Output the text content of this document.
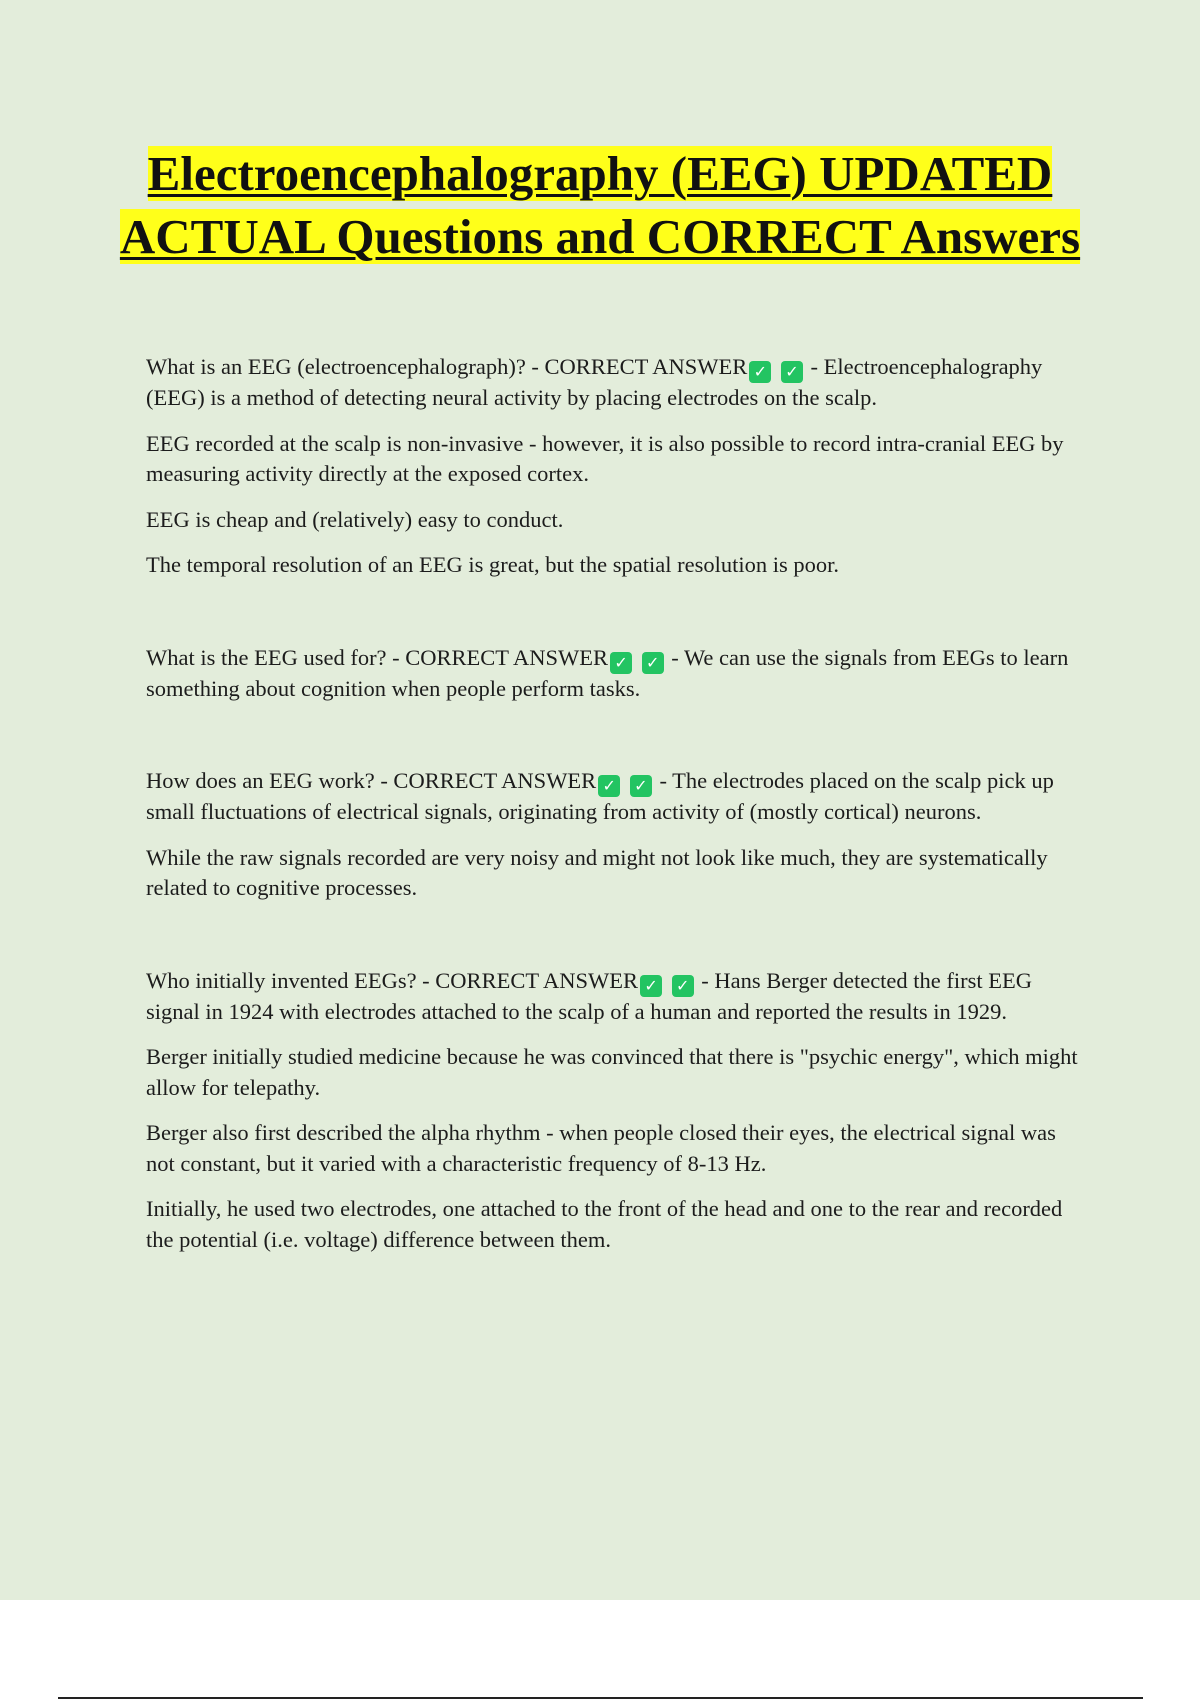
Electroencephalography (EEG) UPDATED ACTUAL Questions and CORRECT Answers

What is an EEG (electroencephalograph)? - CORRECT ANSWER ✓ ✓ - Electroencephalography (EEG) is a method of detecting neural activity by placing electrodes on the scalp.

EEG recorded at the scalp is non-invasive - however, it is also possible to record intra-cranial EEG by measuring activity directly at the exposed cortex.

EEG is cheap and (relatively) easy to conduct.

The temporal resolution of an EEG is great, but the spatial resolution is poor.

What is the EEG used for? - CORRECT ANSWER ✓ ✓ - We can use the signals from EEGs to learn something about cognition when people perform tasks.

How does an EEG work? - CORRECT ANSWER ✓ ✓ - The electrodes placed on the scalp pick up small fluctuations of electrical signals, originating from activity of (mostly cortical) neurons.

While the raw signals recorded are very noisy and might not look like much, they are systematically related to cognitive processes.

Who initially invented EEGs? - CORRECT ANSWER ✓ ✓ - Hans Berger detected the first EEG signal in 1924 with electrodes attached to the scalp of a human and reported the results in 1929.

Berger initially studied medicine because he was convinced that there is "psychic energy", which might allow for telepathy.

Berger also first described the alpha rhythm - when people closed their eyes, the electrical signal was not constant, but it varied with a characteristic frequency of 8-13 Hz.

Initially, he used two electrodes, one attached to the front of the head and one to the rear and recorded the potential (i.e. voltage) difference between them.
